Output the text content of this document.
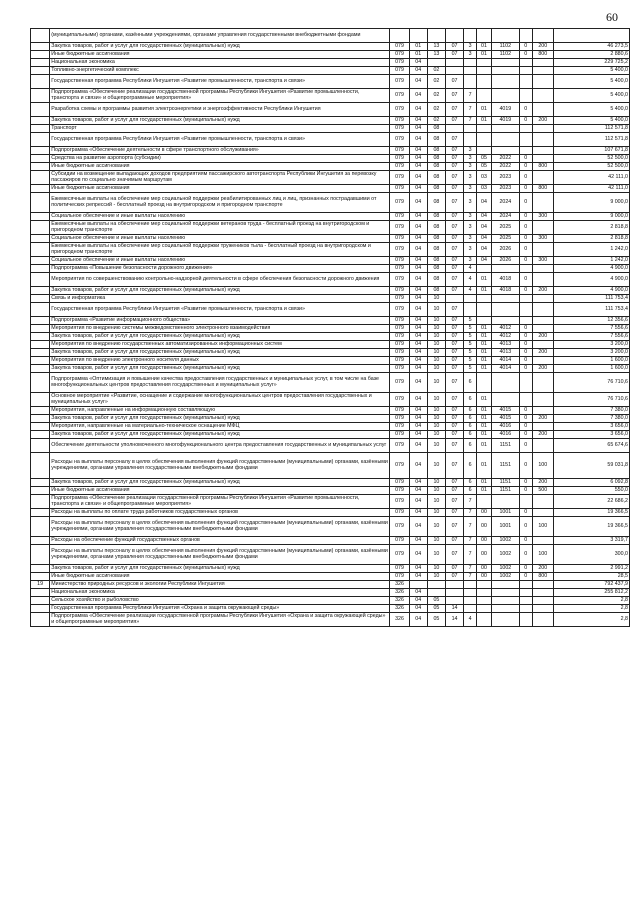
60
	(муниципальными) органами, казёнными учреждениями, органами управления государственными внебюджетными фондами										
	Закупка товаров, работ и услуг для государственных (муниципальных) нужд	079	01	13	07	3	01	1102	0	200	46 273,5
	Иные бюджетные ассигнования	079	01	13	07	3	01	1102	0	800	2 880,6
	Национальная экономика	079	04								229 725,2
	Топливно-энергетический комплекс	079	04	02							5 400,0
	Государственная программа Республики Ингушетия «Развитие промышленности, транспорта и связи»	079	04	02	07						5 400,0
	Подпрограмма «Обеспечение реализации государственной программы Республики Ингушетия «Развитие промышленности, транспорта и связи» и общепрограммные мероприятия»	079	04	02	07	7					5 400,0
	Разработка схемы и программы развития электроэнергетики и энергоэффективности Республики Ингушетия	079	04	02	07	7	01	4019	0		5 400,0
	Закупка товаров, работ и услуг для государственных (муниципальных) нужд	079	04	02	07	7	01	4019	0	200	5 400,0
	Транспорт	079	04	08							112 571,8
	Государственная программа Республики Ингушетия «Развитие промышленности, транспорта и связи»	079	04	08	07						112 571,8
	Подпрограмма «Обеспечение деятельности в сфере транспортного обслуживания»	079	04	08	07	3					107 671,8
	Средства на развитие аэропорта (субсидии)	079	04	08	07	3	05	2022	0		52 500,0
	Иные бюджетные ассигнования	079	04	08	07	3	05	2022	0	800	52 500,0
	Субсидии на возмещение выпадающих доходов предприятиям пассажирского автотранспорта Республики Ингушетия за перевозку пассажиров по социально значимым маршрутам	079	04	08	07	3	03	2023	0		42 111,0
	Иные бюджетные ассигнования	079	04	08	07	3	03	2023	0	800	42 111,0
	Ежемесячные выплаты на обеспечение мер социальной поддержки реабилитированных лиц и лиц, признанных пострадавшими от политических репрессий - бесплатный проезд на внутригородском и пригородном транспорте	079	04	08	07	3	04	2024	0		9 000,0
	Социальное обеспечение и иные выплаты населению	079	04	08	07	3	04	2024	0	300	9 000,0
	Ежемесячные выплаты на обеспечение мер социальной поддержки ветеранов труда - бесплатный проезд на внутригородском и пригородном транспорте	079	04	08	07	3	04	2025	0		2 818,8
	Социальное обеспечение и иные выплаты населению	079	04	08	07	3	04	2025	0	300	2 818,8
	Ежемесячные выплаты на обеспечение мер социальной поддержки тружеников тыла - бесплатный проезд на внутригородском и пригородном транспорте	079	04	08	07	3	04	2026	0		1 242,0
	Социальное обеспечение и иные выплаты населению	079	04	08	07	3	04	2026	0	300	1 242,0
	Подпрограмма «Повышение безопасности дорожного движения»	079	04	08	07	4					4 900,0
	Мероприятия по совершенствованию контрольно-надзорной деятельности в сфере обеспечения безопасности дорожного движения	079	04	08	07	4	01	4018	0		4 900,0
	Закупка товаров, работ и услуг для государственных (муниципальных) нужд	079	04	08	07	4	01	4018	0	200	4 900,0
	Связь и информатика	079	04	10							111 753,4
	Государственная программа Республики Ингушетия «Развитие промышленности, транспорта и связи»	079	04	10	07						111 753,4
	Подпрограмма «Развитие информационного общества»	079	04	10	07	5					12 356,6
	Мероприятия по внедрению системы межведомственного электронного взаимодействия	079	04	10	07	5	01	4012	0		7 556,6
	Закупка товаров, работ и услуг для государственных (муниципальных) нужд	079	04	10	07	5	01	4012	0	200	7 556,6
	Мероприятия по внедрению государственных автоматизированных информационных систем	079	04	10	07	5	01	4013	0		3 200,0
	Закупка товаров, работ и услуг для государственных (муниципальных) нужд	079	04	10	07	5	01	4013	0	200	3 200,0
	Мероприятия по внедрению электронного носителя данных	079	04	10	07	5	01	4014	0		1 600,0
	Закупка товаров, работ и услуг для государственных (муниципальных) нужд	079	04	10	07	5	01	4014	0	200	1 600,0
	Подпрограмма «Оптимизация и повышение качества предоставления государственных и муниципальных услуг, в том числе на базе многофункциональных центров предоставления государственных и муниципальных услуг»	079	04	10	07	6					76 710,6
	Основное мероприятие «Развитие, оснащение и содержание многофункциональных центров предоставления государственных и муниципальных услуг»	079	04	10	07	6	01				76 710,6
	Мероприятия, направленные на информационную составляющую	079	04	10	07	6	01	4015	0		7 380,0
	Закупка товаров, работ и услуг для государственных (муниципальных) нужд	079	04	10	07	6	01	4015	0	200	7 380,0
	Мероприятия, направленные на материально-техническое оснащение МФЦ	079	04	10	07	6	01	4016	0		3 656,0
	Закупка товаров, работ и услуг для государственных (муниципальных) нужд	079	04	10	07	6	01	4016	0	200	3 656,0
	Обеспечение деятельности уполномоченного многофункционального центра предоставления государственных и муниципальных услуг	079	04	10	07	6	01	1151	0		65 674,6
	Расходы на выплаты персоналу в целях обеспечения выполнения функций государственными (муниципальными) органами, казёнными учреждениями, органами управления государственными внебюджетными фондами	079	04	10	07	6	01	1151	0	100	59 031,8
	Закупка товаров, работ и услуг для государственных (муниципальных) нужд	079	04	10	07	6	01	1151	0	200	6 092,8
	Иные бюджетные ассигнования	079	04	10	07	6	01	1151	0	500	550,0
	Подпрограмма «Обеспечение реализации государственной программы Республики Ингушетия «Развитие промышленности, транспорта и связи» и общепрограммные мероприятия»	079	04	10	07	7					22 686,2
	Расходы на выплаты по оплате труда работников государственных органов	079	04	10	07	7	00	1001	0		19 366,5
	Расходы на выплаты персоналу в целях обеспечения выполнения функций государственными (муниципальными) органами, казёнными учреждениями, органами управления государственными внебюджетными фондами	079	04	10	07	7	00	1001	0	100	19 366,5
	Расходы на обеспечение функций государственных органов	079	04	10	07	7	00	1002	0		3 319,7
	Расходы на выплаты персоналу в целях обеспечения выполнения функций государственными (муниципальными) органами, казёнными учреждениями, органами управления государственными внебюджетными фондами	079	04	10	07	7	00	1002	0	100	300,0
	Закупка товаров, работ и услуг для государственных (муниципальных) нужд	079	04	10	07	7	00	1002	0	200	2 991,2
	Иные бюджетные ассигнования	079	04	10	07	7	00	1002	0	800	28,5
19	Министерство природных ресурсов и экологии Республики Ингушетия	326									792 437,9
	Национальная экономика	326	04								255 812,2
	Сельское хозяйство и рыболовство	326	04	05							2,8
	Государственная программа Республики Ингушетия «Охрана и защита окружающей среды»	326	04	05	14						2,8
	Подпрограмма «Обеспечение реализации государственной программы Республики Ингушетия «Охрана и защита окружающей среды» и общепрограммные мероприятия»	326	04	05	14	4					2,8
